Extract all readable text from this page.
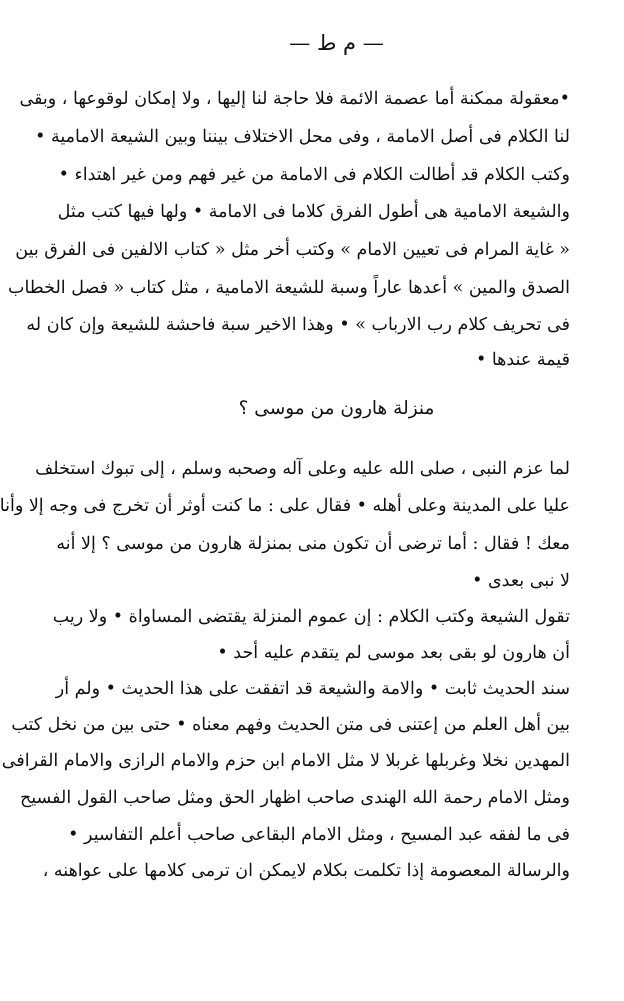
— م ط —
•معقولة ممكنة أما عصمة الائمة فلا حاجة لنا إليها ، ولا إمكان لوقوعها ، وبقى
لنا الكلام فى أصل الامامة ، وفى محل الاختلاف بيننا وبين الشيعة الامامية •
وكتب الكلام قد أطالت الكلام فى الامامة من غير فهم ومن غير اهتداء •
والشيعة الامامية هى أطول الفرق كلاما فى الامامة • ولها فيها كتب مثل
« غاية المرام فى تعيين الامام » وكتب أخر مثل « كتاب الالفين فى الفرق بين
الصدق والمين » أعدها عاراً وسبة للشيعة الامامية ، مثل كتاب « فصل الخطاب
فى تحريف كلام رب الارباب » • وهذا الاخير سبة فاحشة للشيعة وإن كان له
قيمة عندها •
منزلة هارون من موسى ؟
لما عزم النبى ، صلى الله عليه وعلى آله وصحبه وسلم ، إلى تبوك استخلف
عليا على المدينة وعلى أهله • فقال على : ما كنت أوثر أن تخرج فى وجه إلا وأنا
معك ! فقال : أما ترضى أن تكون منى بمنزلة هارون من موسى ؟ إلا أنه
لا نبى بعدى •
تقول الشيعة وكتب الكلام : إن عموم المنزلة يقتضى المساواة • ولا ريب
أن هارون لو بقى بعد موسى لم يتقدم عليه أحد •
سند الحديث ثابت • والامة والشيعة قد اتفقت على هذا الحديث • ولم أر
بين أهل العلم من إعتنى فى متن الحديث وفهم معناه • حتى بين من نخل كتب
المهدين نخلا وغربلها غربلا لا مثل الامام ابن حزم والامام الرازى والامام القرافى
ومثل الامام رحمة الله الهندى صاحب اظهار الحق ومثل صاحب القول الفسيح
فى ما لفقه عبد المسيح ، ومثل الامام البقاعى صاحب أعلم التفاسير •
والرسالة المعصومة إذا تكلمت بكلام لايمكن ان ترمى كلامها على عواهنه ،
